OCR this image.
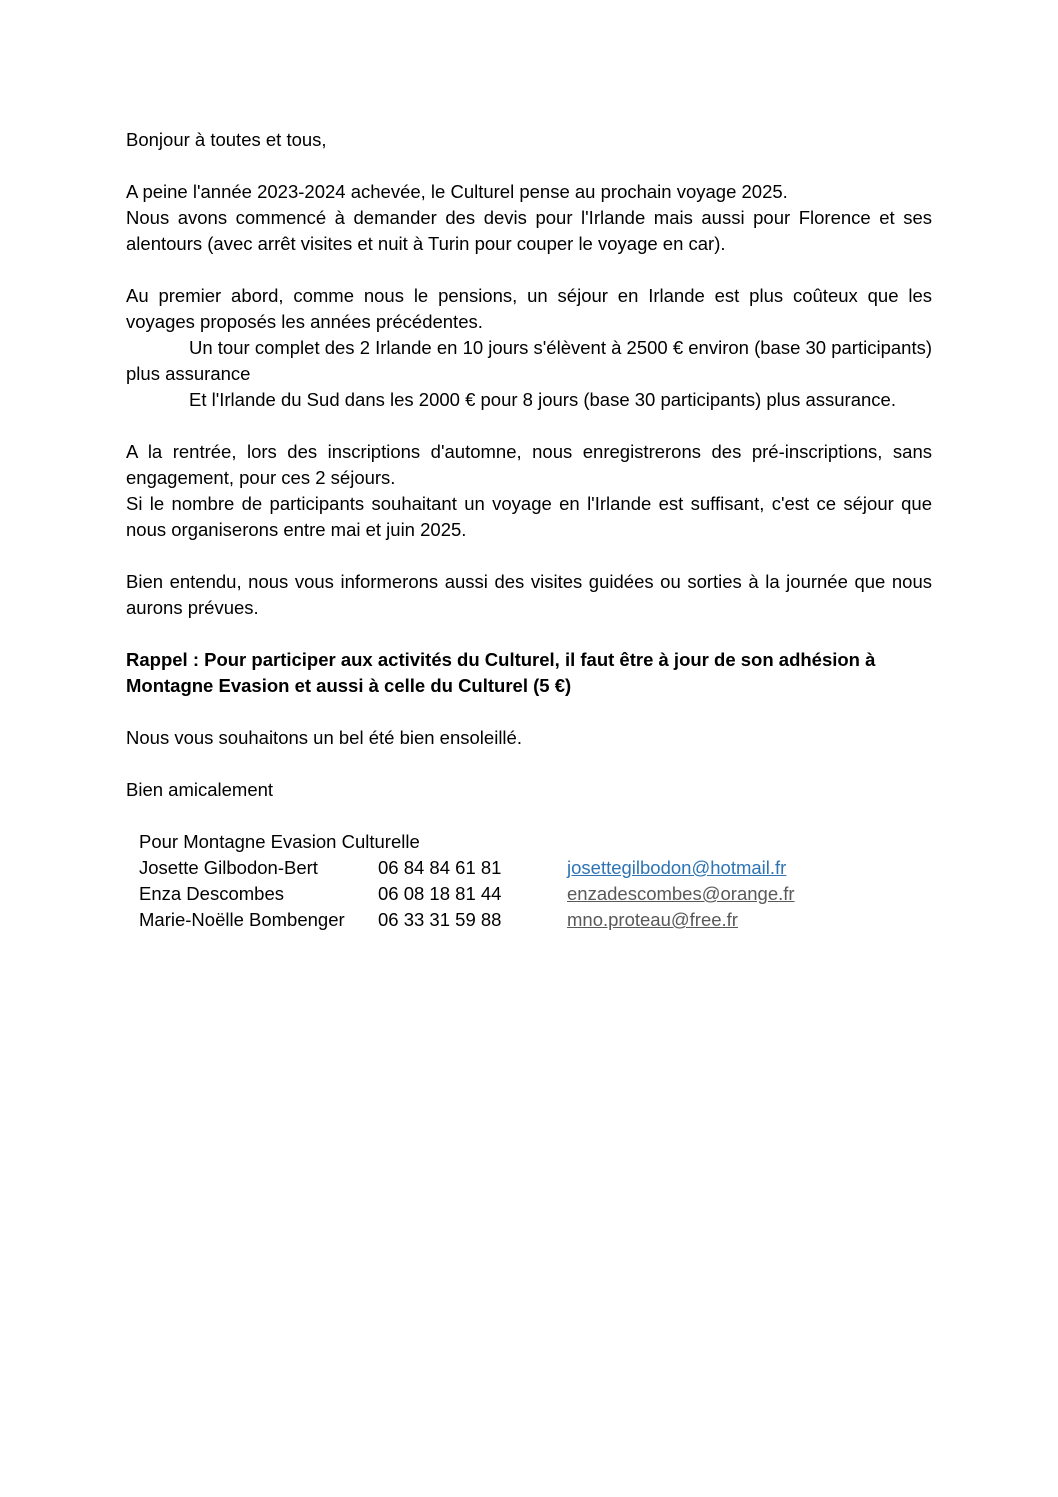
Bonjour à toutes et tous,

A peine l'année 2023-2024 achevée, le Culturel pense au prochain voyage 2025.
Nous avons commencé à demander des devis pour l'Irlande mais aussi pour Florence et ses alentours (avec arrêt visites et nuit à Turin pour couper le voyage en car).

Au premier abord, comme nous le pensions, un séjour en Irlande est plus coûteux que les voyages proposés les années précédentes.
Un tour complet des 2 Irlande en 10 jours s'élèvent à 2500 € environ (base 30 participants) plus assurance
Et l'Irlande du Sud dans les 2000 € pour 8 jours (base 30 participants) plus assurance.

A la rentrée, lors des inscriptions d'automne, nous enregistrerons des pré-inscriptions, sans engagement, pour ces 2 séjours.
Si le nombre de participants souhaitant un voyage en l'Irlande est suffisant, c'est ce séjour que nous organiserons entre mai et juin 2025.

Bien entendu, nous vous informerons aussi des visites guidées ou sorties à la journée que nous aurons prévues.

Rappel : Pour participer aux activités du Culturel, il faut être à jour de son adhésion à Montagne Evasion et aussi à celle du Culturel (5 €)

Nous vous souhaitons un bel été bien ensoleillé.

Bien amicalement

Pour Montagne Evasion Culturelle
Josette Gilbodon-Bert	06 84 84 61 81	josettegilbodon@hotmail.fr
Enza Descombes	06 08 18 81 44	enzadescombes@orange.fr
Marie-Noëlle Bombenger	06 33 31 59 88	mno.proteau@free.fr
